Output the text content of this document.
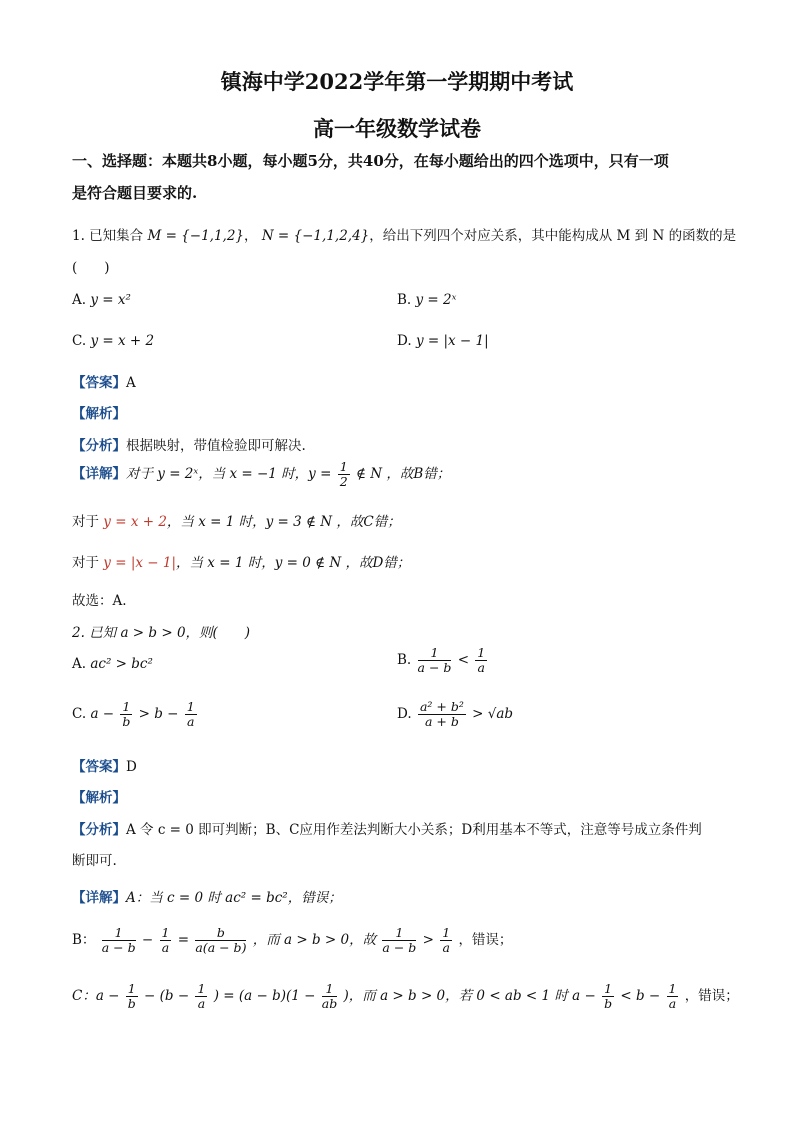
镇海中学2022学年第一学期期中考试
高一年级数学试卷
一、选择题：本题共8小题，每小题5分，共40分，在每小题给出的四个选项中，只有一项
是符合题目要求的.
1. 已知集合 M = {−1,1,2}， N = {−1,1,2,4}，给出下列四个对应关系，其中能构成从 M 到 N 的函数的是
(　　)
A. y = x²	B. y = 2ˣ
C. y = x + 2	D. y = |x − 1|
【答案】A
【解析】
【分析】根据映射，带值检验即可解决.
【详解】对于 y = 2ˣ，当 x = −1 时，$y = \frac{1}{2}$ ∉ N ，故B错；
对于 y = x + 2，当 x = 1 时，y = 3 ∉ N ，故C错；
对于 y = |x − 1|，当 x = 1 时，y = 0 ∉ N ，故D错；
故选：A.
2. 已知 a > b > 0，则(　　)
A. ac² > bc²	B. $\frac{1}{a - b} < \frac{1}{a}$
C. $a - \frac{1}{b} > b - \frac{1}{a}$	D. $\frac{\text{a² + b²}}{a + b} > √ab$
【答案】D
【解析】
【分析】A 令 c = 0 即可判断；B、C应用作差法判断大小关系；D利用基本不等式，注意等号成立条件判
断即可.
【详解】A：当 c = 0 时 ac² = bc²，错误；
B： $\frac{1}{a - b} - \frac{1}{a} = \frac{b}{a(a - b)}$ ，而 a > b > 0，故 $\frac{1}{a - b} > \frac{1}{a}$ ，错误；
C：$a - \frac{1}{b} - (b - \frac{1}{a}$ ) = $(a - b)(1 - \frac{1}{ab}$ )，而 a > b > 0，若 0 < ab < 1 时 $a - \frac{1}{b} < b - \frac{1}{a}$ ，错误；
